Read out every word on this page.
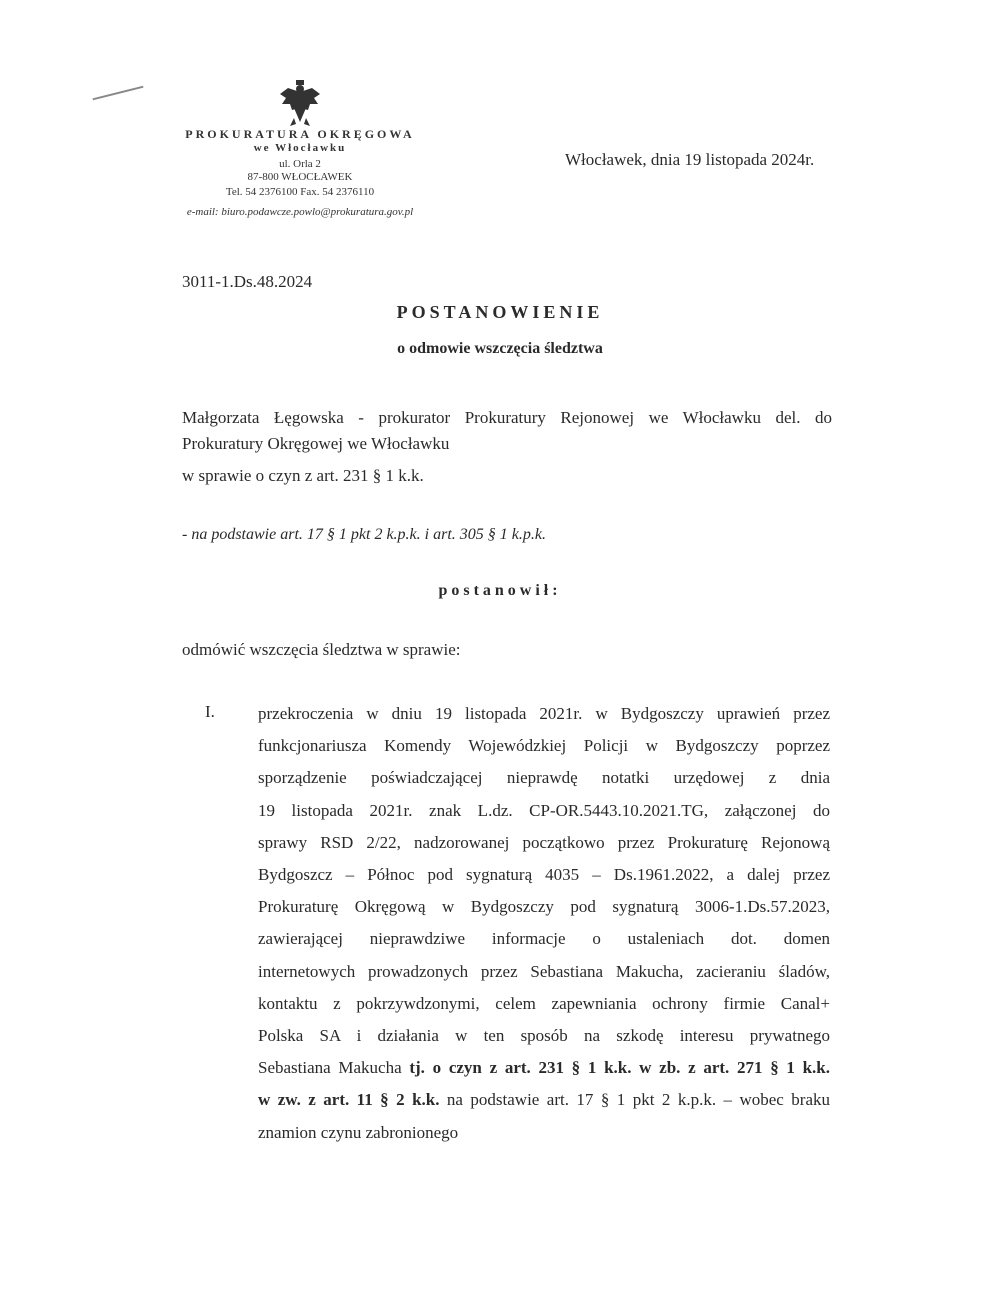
PROKURATURA OKRĘGOWA
we Włocławku
ul. Orla 2
87-800 WŁOCŁAWEK
Tel. 54 2376100 Fax. 54 2376110
e-mail: biuro.podawcze.powlo@prokuratura.gov.pl
Włocławek, dnia 19 listopada 2024r.
3011-1.Ds.48.2024
POSTANOWIENIE
o odmowie wszczęcia śledztwa
Małgorzata Łęgowska - prokurator Prokuratury Rejonowej we Włocławku del. do
Prokuratury Okręgowej we Włocławku
w sprawie o czyn z art. 231 § 1 k.k.
- na podstawie art. 17 § 1 pkt 2 k.p.k. i art. 305 § 1 k.p.k.
postanowił:
odmówić wszczęcia śledztwa w sprawie:
I.	przekroczenia w dniu 19 listopada 2021r. w Bydgoszczy uprawień przez
funkcjonariusza Komendy Wojewódzkiej Policji w Bydgoszczy poprzez
sporządzenie poświadczającej nieprawdę notatki urzędowej z dnia
19 listopada 2021r. znak L.dz. CP-OR.5443.10.2021.TG, załączonej do
sprawy RSD 2/22, nadzorowanej początkowo przez Prokuraturę Rejonową
Bydgoszcz – Północ pod sygnaturą 4035 – Ds.1961.2022, a dalej przez
Prokuraturę Okręgową w Bydgoszczy pod sygnaturą 3006-1.Ds.57.2023,
zawierającej nieprawdziwe informacje o ustaleniach dot. domen
internetowych prowadzonych przez Sebastiana Makucha, zacieraniu śladów,
kontaktu z pokrzywdzonymi, celem zapewniania ochrony firmie Canal+
Polska SA i działania w ten sposób na szkodę interesu prywatnego
Sebastiana Makucha tj. o czyn z art. 231 § 1 k.k. w zb. z art. 271 § 1 k.k.
w zw. z art. 11 § 2 k.k. na podstawie art. 17 § 1 pkt 2 k.p.k. – wobec braku
znamion czynu zabronionego
